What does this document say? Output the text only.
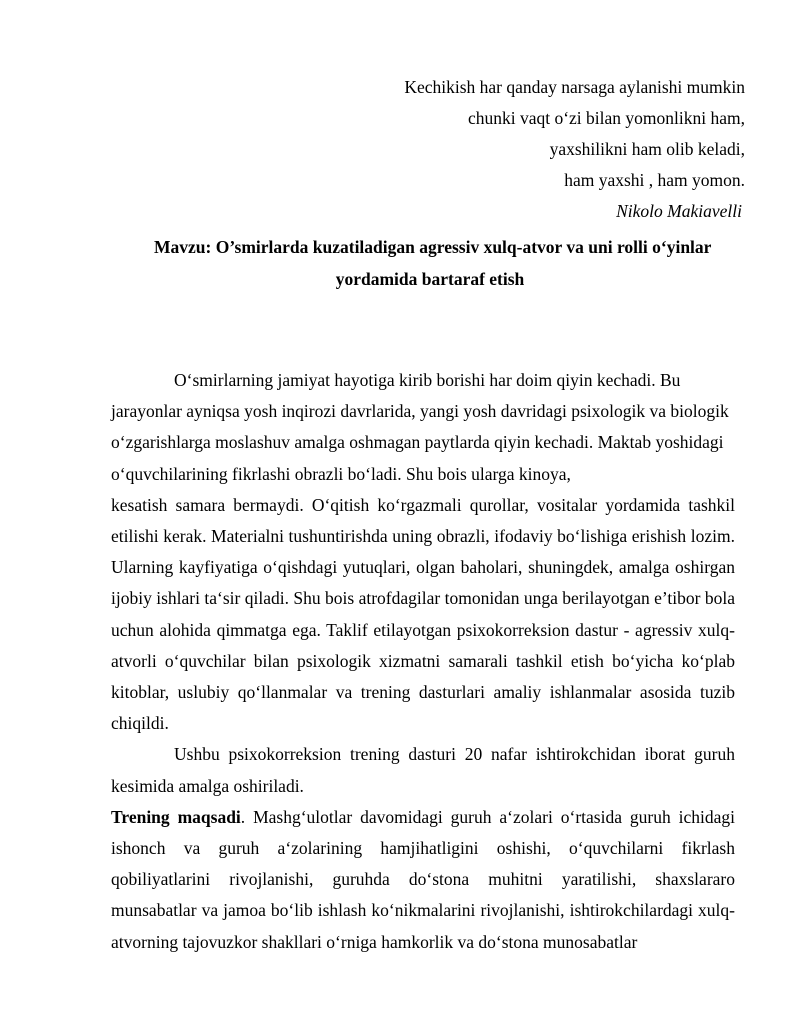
Kechikish har qanday narsaga aylanishi mumkin
chunki vaqt o‘zi bilan yomonlikni ham,
yaxshilikni ham olib keladi,
ham yaxshi , ham yomon.
Nikolo Makiavelli
Mavzu: O’smirlarda kuzatiladigan agressiv xulq-atvor va uni rolli o‘yinlar
yordamida bartaraf etish

O‘smirlarning jamiyat hayotiga kirib borishi har doim qiyin kechadi. Bu jarayonlar ayniqsa yosh inqirozi davrlarida, yangi yosh davridagi psixologik va biologik o‘zgarishlarga moslashuv amalga oshmagan paytlarda qiyin kechadi. Maktab yoshidagi o‘quvchilarining fikrlashi obrazli bo‘ladi. Shu bois ularga kinoya,

kesatish samara bermaydi. O‘qitish ko‘rgazmali qurollar, vositalar yordamida tashkil etilishi kerak. Materialni tushuntirishda uning obrazli, ifodaviy bo‘lishiga erishish lozim. Ularning kayfiyatiga o‘qishdagi yutuqlari, olgan baholari, shuningdek, amalga oshirgan ijobiy ishlari ta‘sir qiladi. Shu bois atrofdagilar tomonidan unga berilayotgan e’tibor bola uchun alohida qimmatga ega. Taklif etilayotgan psixokorreksion dastur - agressiv xulq-atvorli o‘quvchilar bilan psixologik xizmatni samarali tashkil etish bo‘yicha ko‘plab kitoblar, uslubiy qo‘llanmalar va trening dasturlari amaliy ishlanmalar asosida tuzib chiqildi.

Ushbu psixokorreksion trening dasturi 20 nafar ishtirokchidan iborat guruh kesimida amalga oshiriladi.

Trening maqsadi. Mashg‘ulotlar davomidagi guruh a‘zolari o‘rtasida guruh ichidagi ishonch va guruh a‘zolarining hamjihatligini oshishi, o‘quvchilarni fikrlash qobiliyatlarini rivojlanishi, guruhda do‘stona muhitni yaratilishi, shaxslararo munsabatlar va jamoa bo‘lib ishlash ko‘nikmalarini rivojlanishi, ishtirokchilardagi xulq-atvorning tajovuzkor shakllari o‘rniga hamkorlik va do‘stona munosabatlar
